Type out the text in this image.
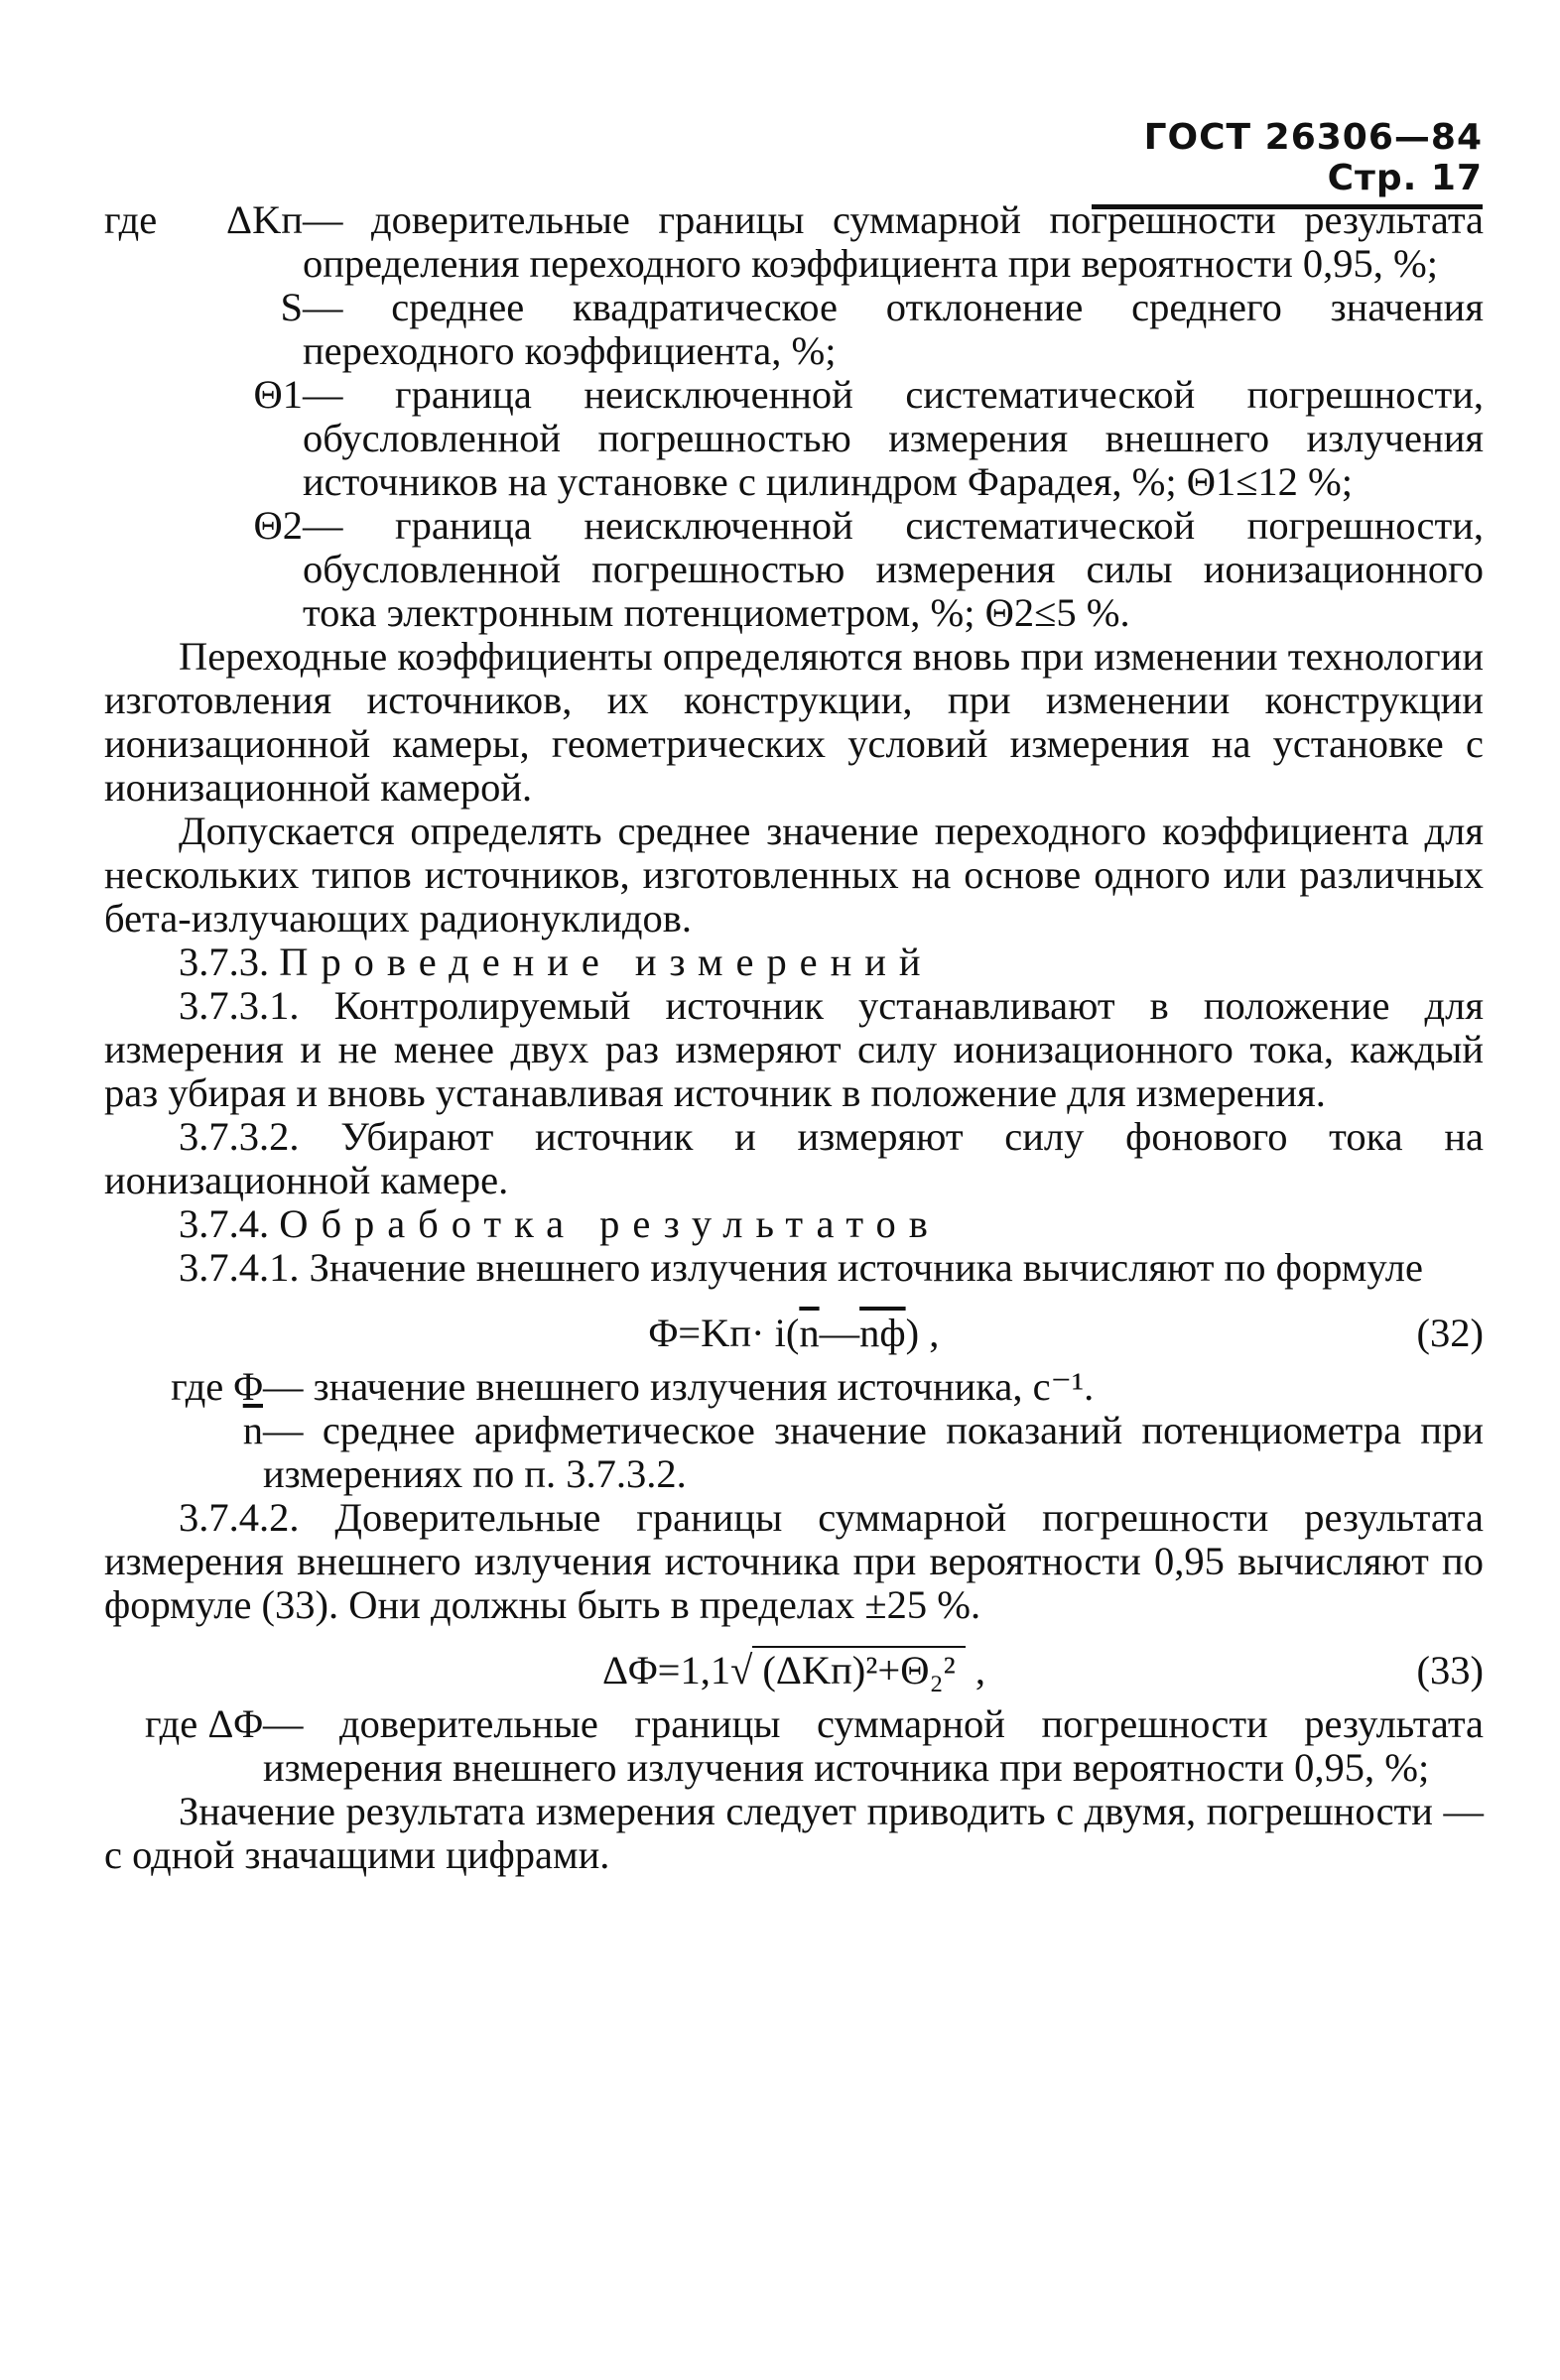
ГОСТ 26306—84 Стр. 17
где	ΔKп — доверительные границы суммарной погрешности результата определения переходного коэффициента при вероятности 0,95, %;
S — среднее квадратическое отклонение среднего значения переходного коэффициента, %;
Θ1 — граница неисключенной систематической погрешности, обусловленной погрешностью измерения внешнего излучения источников на установке с цилиндром Фарадея, %; Θ1≤12 %;
Θ2 — граница неисключенной систематической погрешности, обусловленной погрешностью измерения силы ионизационного тока электронным потенциометром, %; Θ2≤5 %.

Переходные коэффициенты определяются вновь при изменении технологии изготовления источников, их конструкции, при изменении конструкции ионизационной камеры, геометрических условий измерения на установке с ионизационной камерой.

Допускается определять среднее значение переходного коэффициента для нескольких типов источников, изготовленных на основе одного или различных бета-излучающих радионуклидов.

3.7.3. Проведение измерений

3.7.3.1. Контролируемый источник устанавливают в положение для измерения и не менее двух раз измеряют силу ионизационного тока, каждый раз убирая и вновь устанавливая источник в положение для измерения.

3.7.3.2. Убирают источник и измеряют силу фонового тока на ионизационной камере.

3.7.4. Обработка результатов

3.7.4.1. Значение внешнего излучения источника вычисляют по формуле

$\Phi=Kп\cdot i(\overline{n}—nф)$ ,	(32)
где Φ — значение внешнего излучения источника, с⁻¹.
$\overline{n}$ — среднее арифметическое значение показаний потенциометра при измерениях по п. 3.7.3.2.

3.7.4.2. Доверительные границы суммарной погрешности результата измерения внешнего излучения источника при вероятности 0,95 вычисляют по формуле (33). Они должны быть в пределах ±25 %.

ΔΦ=1,1√ (ΔKп)²+Θ₂² ,	(33)
где ΔΦ — доверительные границы суммарной погрешности результата измерения внешнего излучения источника при вероятности 0,95, %;

Значение результата измерения следует приводить с двумя, погрешности — с одной значащими цифрами.
